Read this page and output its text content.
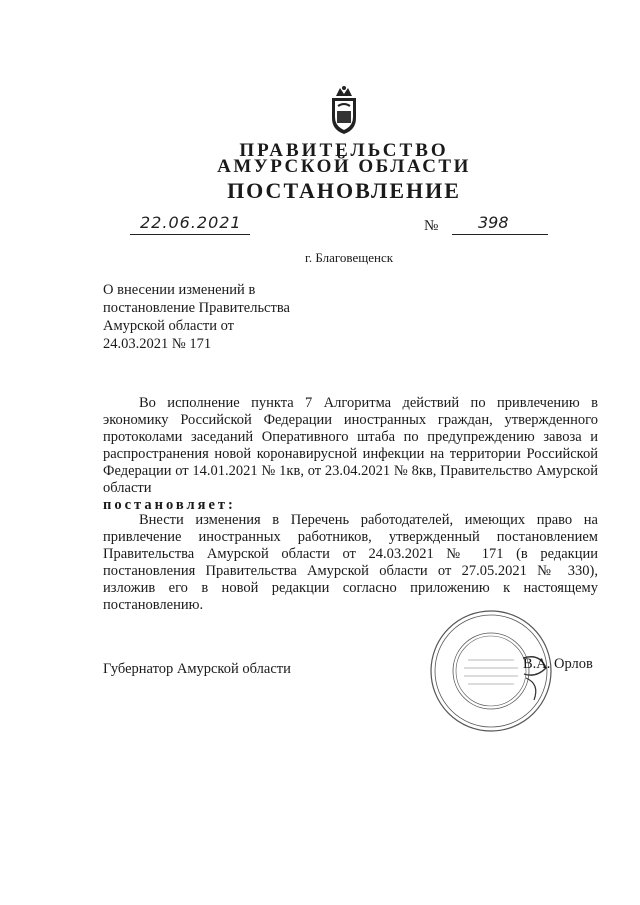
ПРАВИТЕЛЬСТВО
АМУРСКОЙ ОБЛАСТИ
ПОСТАНОВЛЕНИЕ
22.06.2021	№ 398
г. Благовещенск
О внесении изменений в
постановление Правительства
Амурской области от
24.03.2021 № 171
Во исполнение пункта 7 Алгоритма действий по привлечению в
экономику Российской Федерации иностранных граждан, утвержденного
протоколами заседаний Оперативного штаба по предупреждению завоза и
распространения новой коронавирусной инфекции на территории Российской
Федерации от 14.01.2021 № 1кв, от 23.04.2021 № 8кв, Правительство Амурской
области
постановляет:
Внести изменения в Перечень работодателей, имеющих право на
привлечение иностранных работников, утвержденный постановлением
Правительства Амурской области от 24.03.2021 № 171 (в редакции
постановления Правительства Амурской области от 27.05.2021 № 330),
изложив его в новой редакции согласно приложению к настоящему
постановлению.
Губернатор Амурской области	В.А. Орлов
